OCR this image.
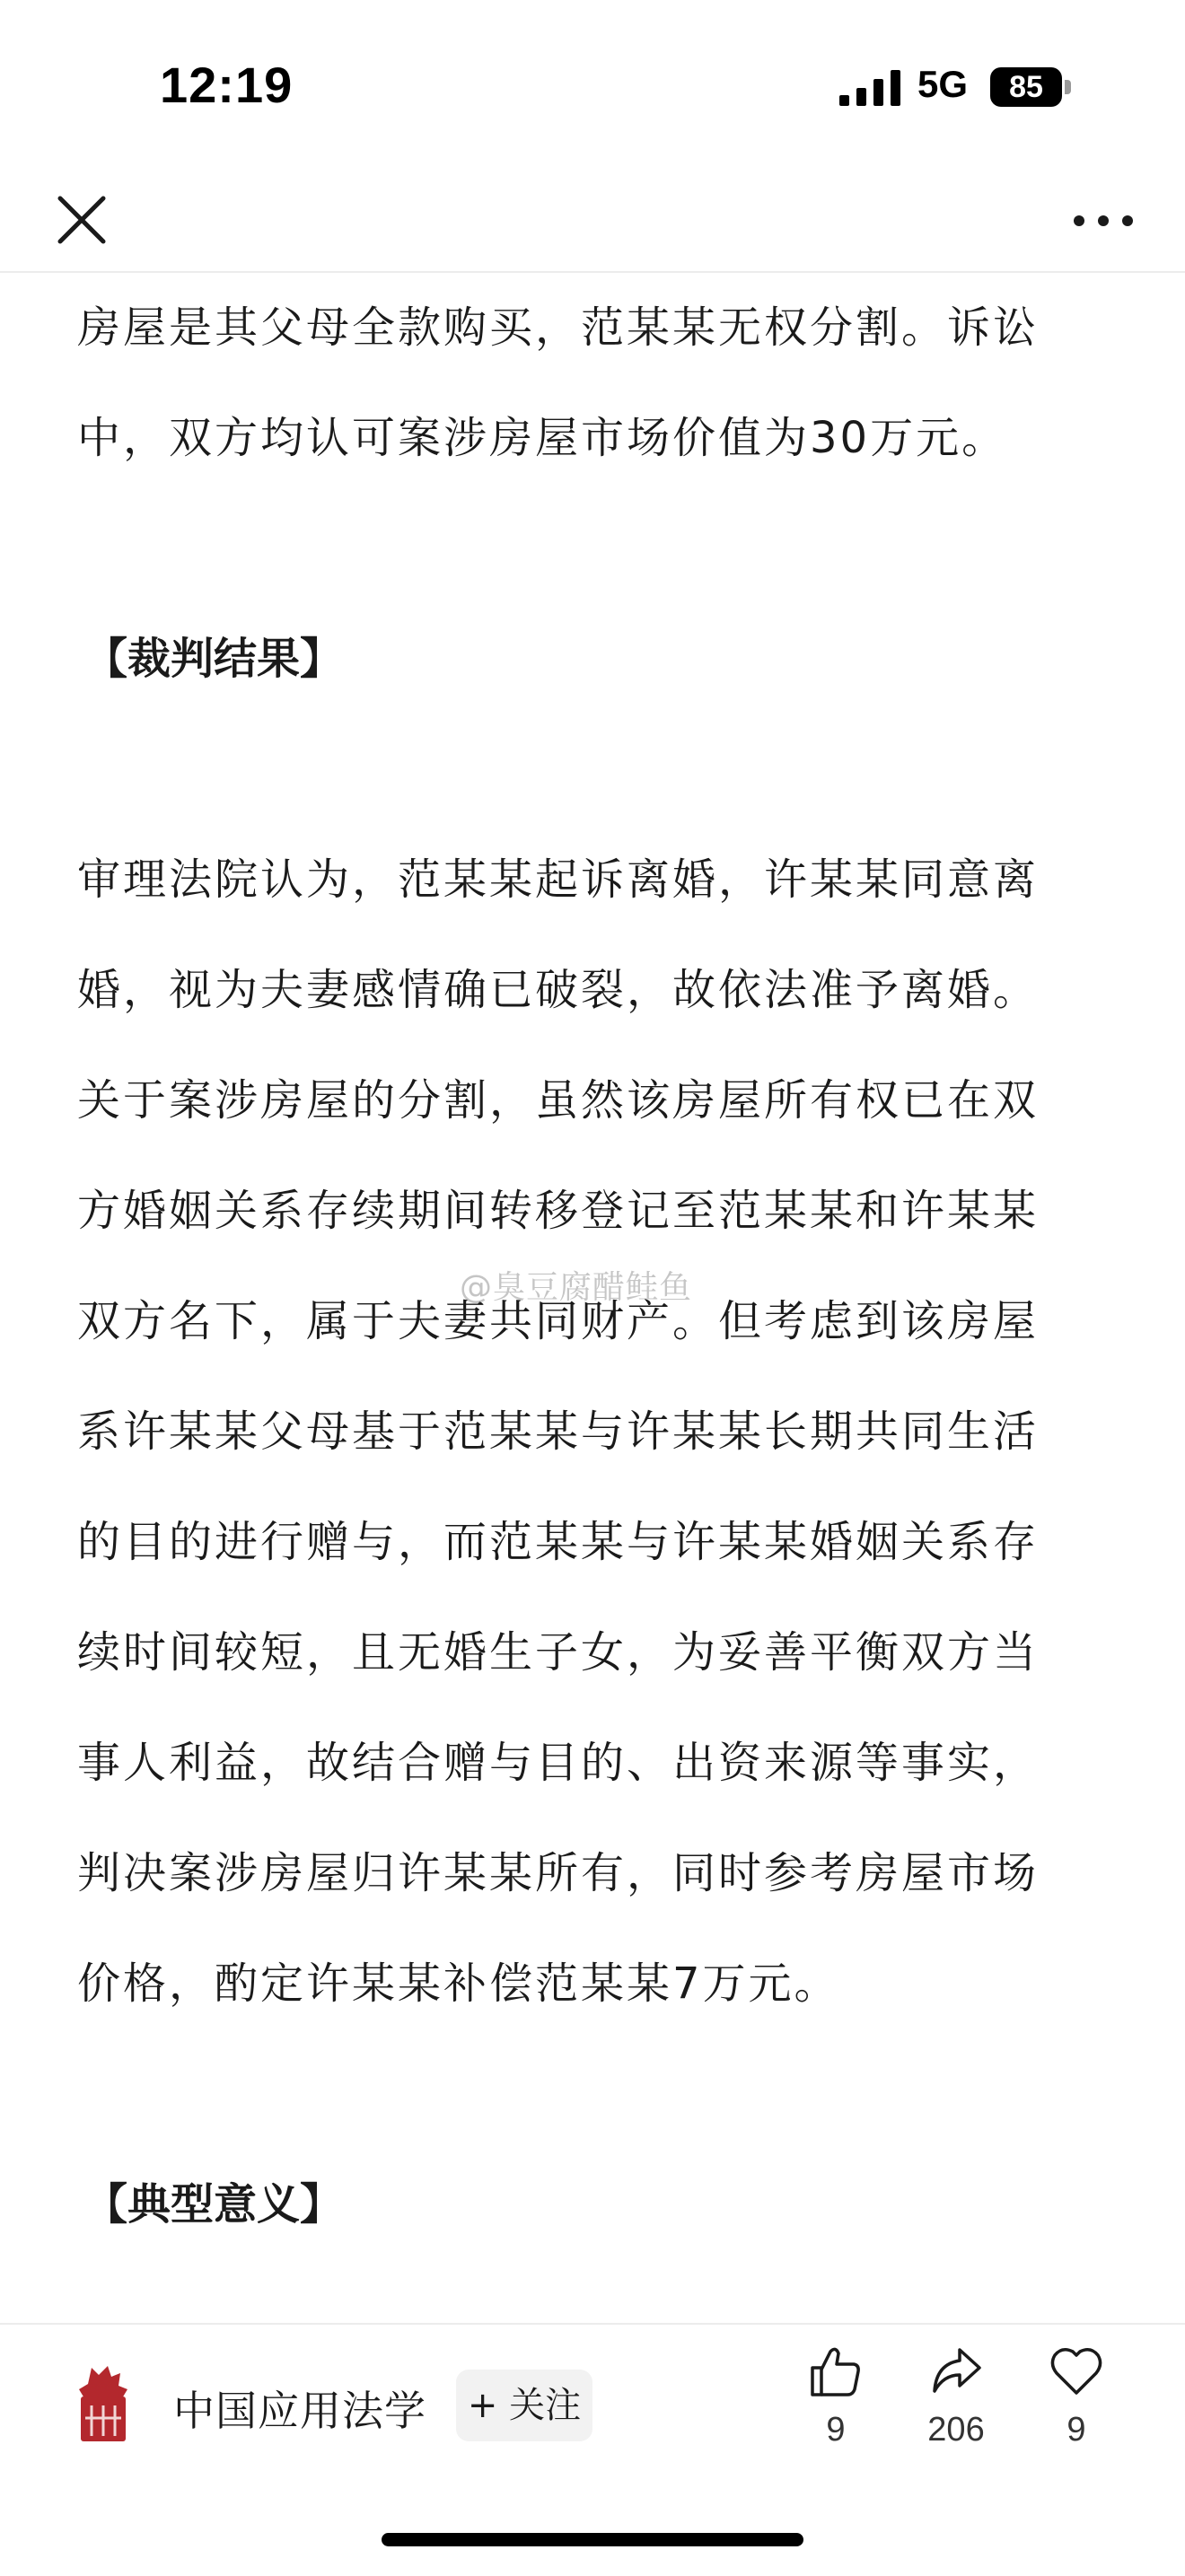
12:19	5G	85

房屋是其父母全款购买，范某某无权分割。诉讼

中，双方均认可案涉房屋市场价值为30万元。

【裁判结果】

审理法院认为，范某某起诉离婚，许某某同意离

婚，视为夫妻感情确已破裂，故依法准予离婚。

关于案涉房屋的分割，虽然该房屋所有权已在双

方婚姻关系存续期间转移登记至范某某和许某某

双方名下，属于夫妻共同财产。但考虑到该房屋

系许某某父母基于范某某与许某某长期共同生活

的目的进行赠与，而范某某与许某某婚姻关系存

续时间较短，且无婚生子女，为妥善平衡双方当

事人利益，故结合赠与目的、出资来源等事实，

判决案涉房屋归许某某所有，同时参考房屋市场

价格，酌定许某某补偿范某某7万元。

【典型意义】

@臭豆腐醋鲑鱼
中国应用法学	+ 关注
9	206	9
